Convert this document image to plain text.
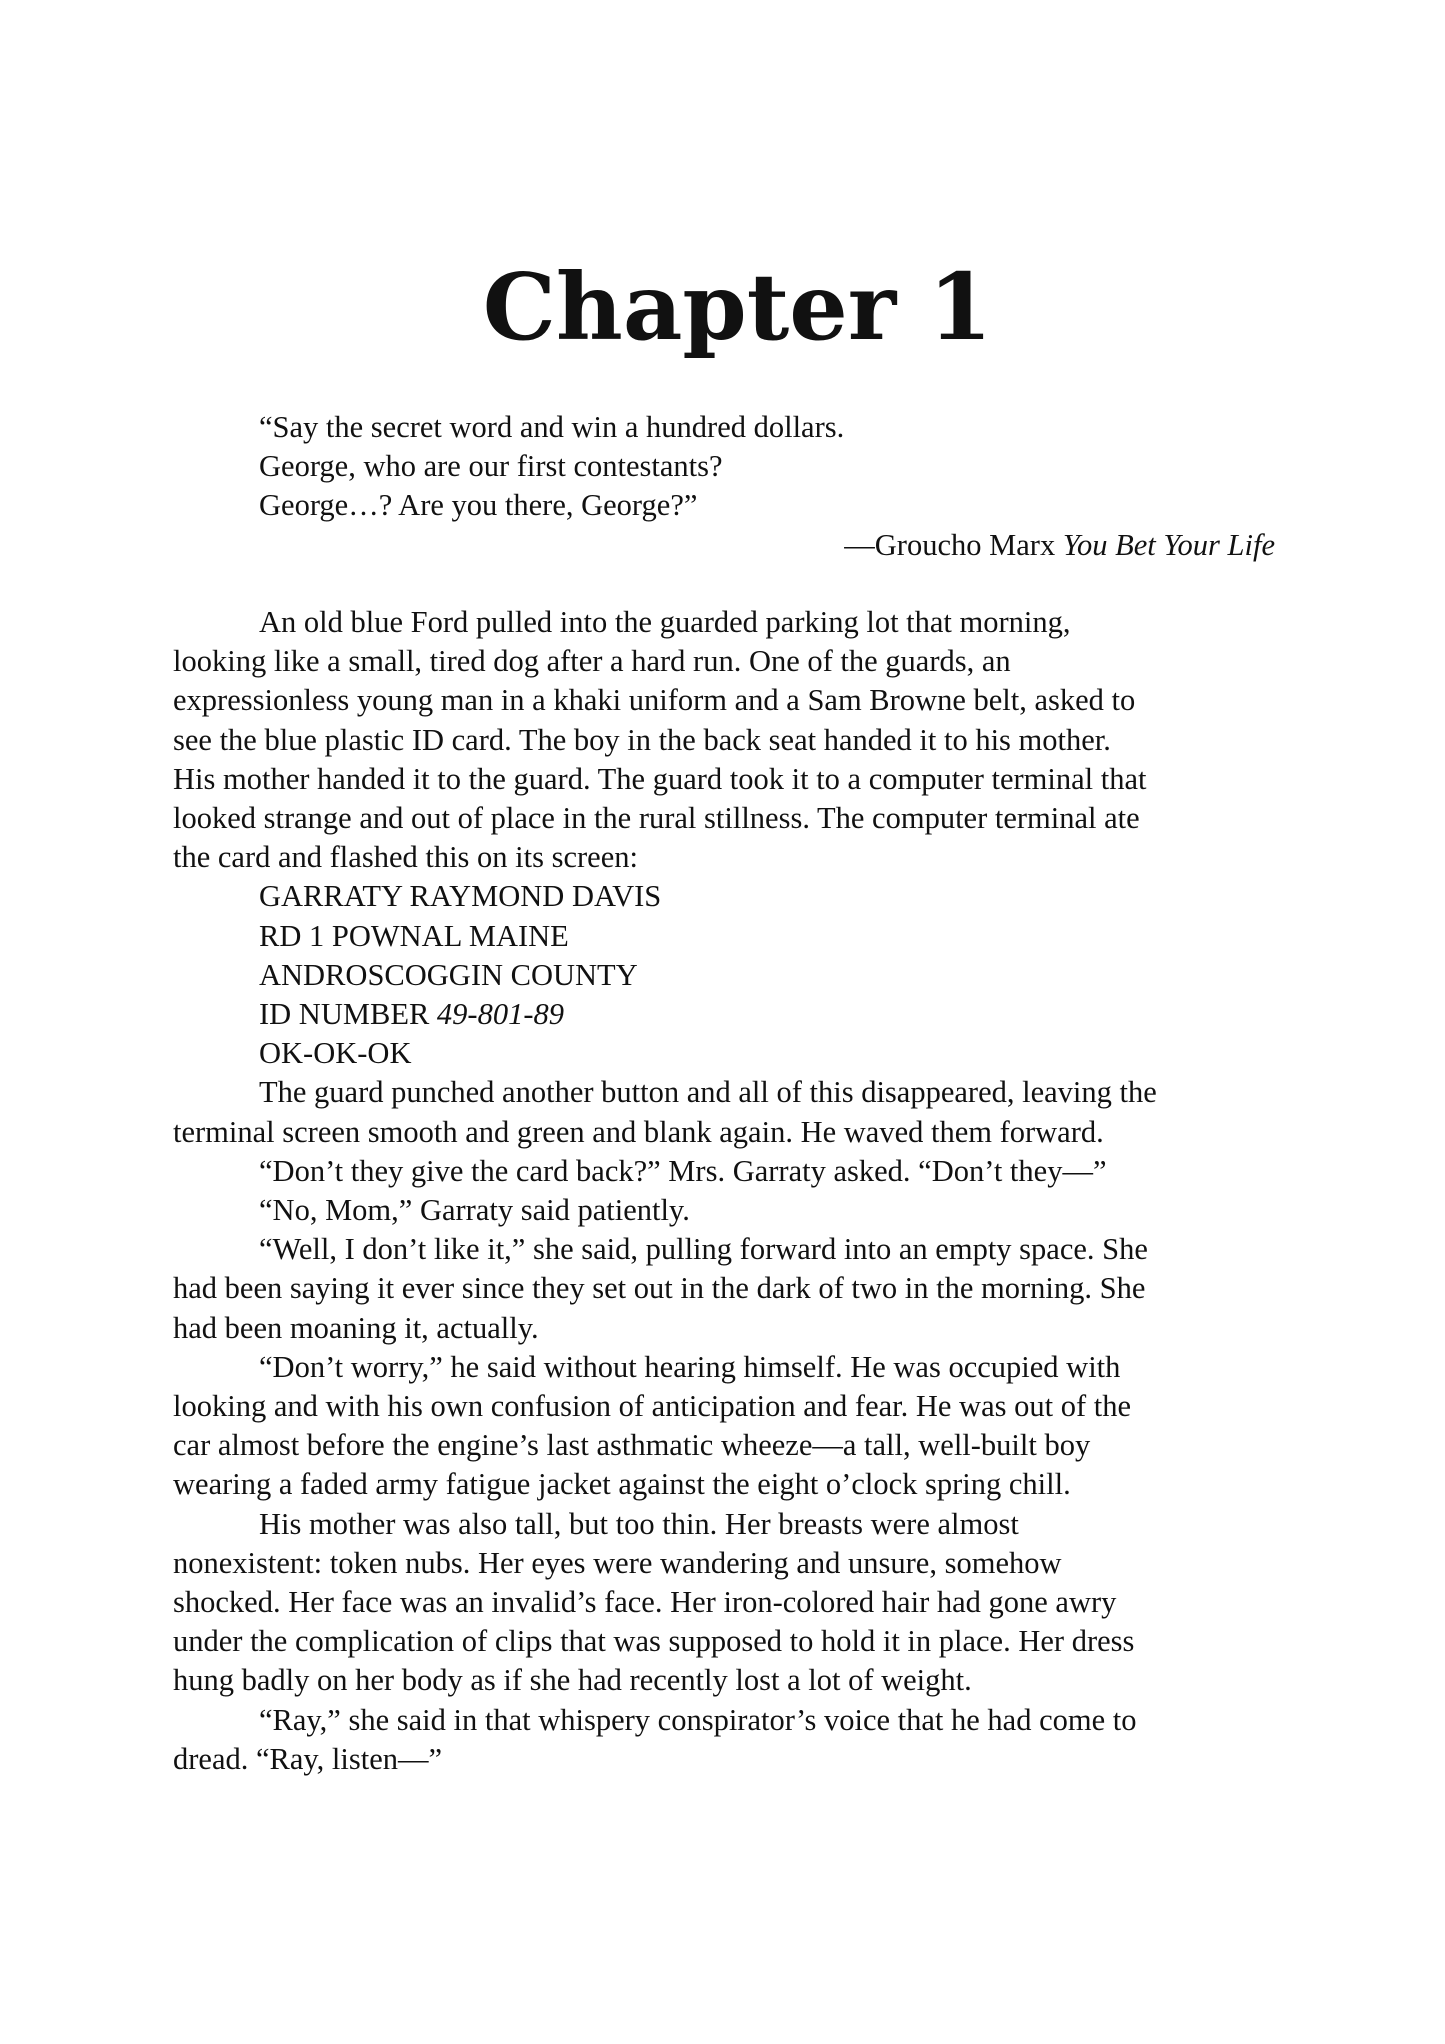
Chapter 1
“Say the secret word and win a hundred dollars.
George, who are our first contestants?
George…? Are you there, George?”
—Groucho Marx You Bet Your Life
An old blue Ford pulled into the guarded parking lot that morning,
looking like a small, tired dog after a hard run. One of the guards, an
expressionless young man in a khaki uniform and a Sam Browne belt, asked to
see the blue plastic ID card. The boy in the back seat handed it to his mother.
His mother handed it to the guard. The guard took it to a computer terminal that
looked strange and out of place in the rural stillness. The computer terminal ate
the card and flashed this on its screen:
GARRATY RAYMOND DAVIS
RD 1 POWNAL MAINE
ANDROSCOGGIN COUNTY
ID NUMBER 49-801-89
OK-OK-OK
The guard punched another button and all of this disappeared, leaving the
terminal screen smooth and green and blank again. He waved them forward.
“Don’t they give the card back?” Mrs. Garraty asked. “Don’t they—”
“No, Mom,” Garraty said patiently.
“Well, I don’t like it,” she said, pulling forward into an empty space. She
had been saying it ever since they set out in the dark of two in the morning. She
had been moaning it, actually.
“Don’t worry,” he said without hearing himself. He was occupied with
looking and with his own confusion of anticipation and fear. He was out of the
car almost before the engine’s last asthmatic wheeze—a tall, well-built boy
wearing a faded army fatigue jacket against the eight o’clock spring chill.
His mother was also tall, but too thin. Her breasts were almost
nonexistent: token nubs. Her eyes were wandering and unsure, somehow
shocked. Her face was an invalid’s face. Her iron-colored hair had gone awry
under the complication of clips that was supposed to hold it in place. Her dress
hung badly on her body as if she had recently lost a lot of weight.
“Ray,” she said in that whispery conspirator’s voice that he had come to
dread. “Ray, listen—”
